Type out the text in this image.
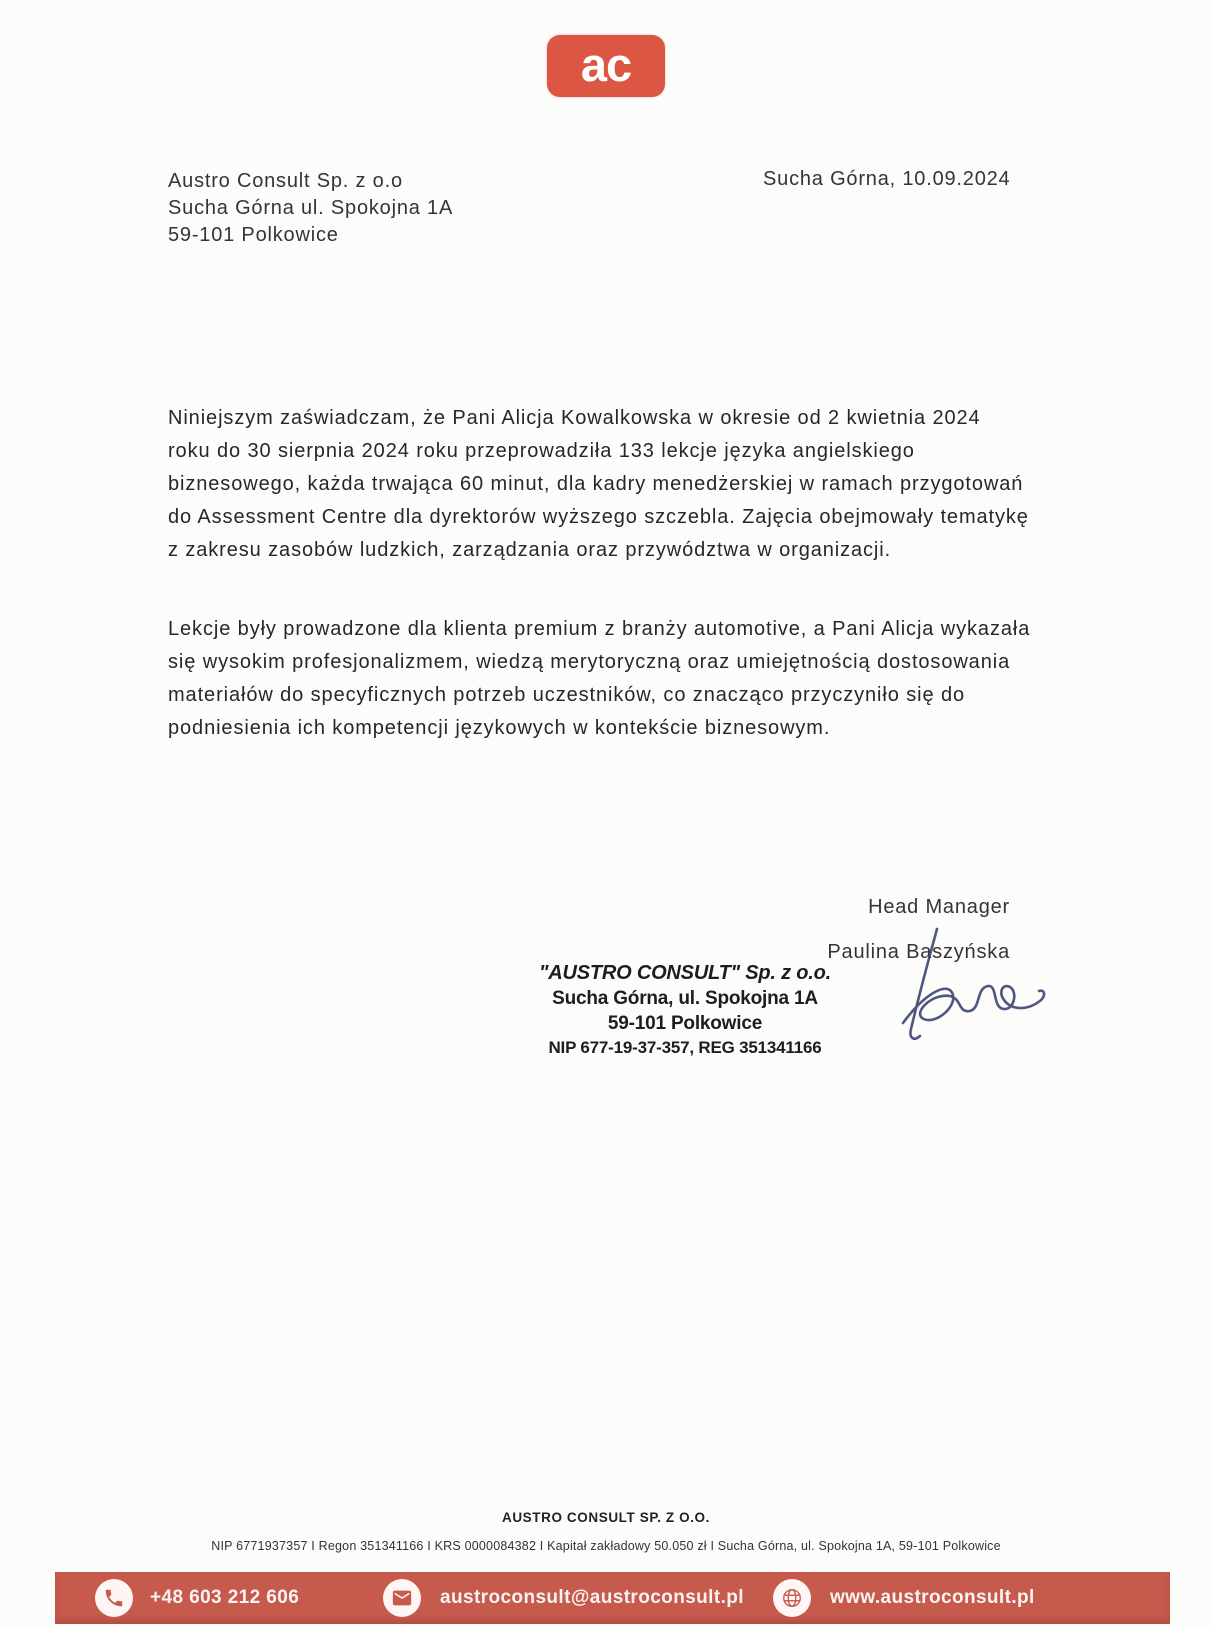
ac
Austro Consult Sp. z o.o
Sucha Górna ul. Spokojna 1A
59-101 Polkowice
Sucha Górna, 10.09.2024
Niniejszym zaświadczam, że Pani Alicja Kowalkowska w okresie od 2 kwietnia 2024
roku do 30 sierpnia 2024 roku przeprowadziła 133 lekcje języka angielskiego
biznesowego, każda trwająca 60 minut, dla kadry menedżerskiej w ramach przygotowań
do Assessment Centre dla dyrektorów wyższego szczebla. Zajęcia obejmowały tematykę
z zakresu zasobów ludzkich, zarządzania oraz przywództwa w organizacji.
Lekcje były prowadzone dla klienta premium z branży automotive, a Pani Alicja wykazała
się wysokim profesjonalizmem, wiedzą merytoryczną oraz umiejętnością dostosowania
materiałów do specyficznych potrzeb uczestników, co znacząco przyczyniło się do
podniesienia ich kompetencji językowych w kontekście biznesowym.
Head Manager
Paulina Baszyńska
"AUSTRO CONSULT" Sp. z o.o.
Sucha Górna, ul. Spokojna 1A
59-101 Polkowice
NIP 677-19-37-357, REG 351341166
AUSTRO CONSULT SP. Z O.O.
NIP 6771937357 I Regon 351341166 I KRS 0000084382 I Kapitał zakładowy 50.050 zł I Sucha Górna, ul. Spokojna 1A, 59-101 Polkowice
+48 603 212 606	austroconsult@austroconsult.pl	www.austroconsult.pl
